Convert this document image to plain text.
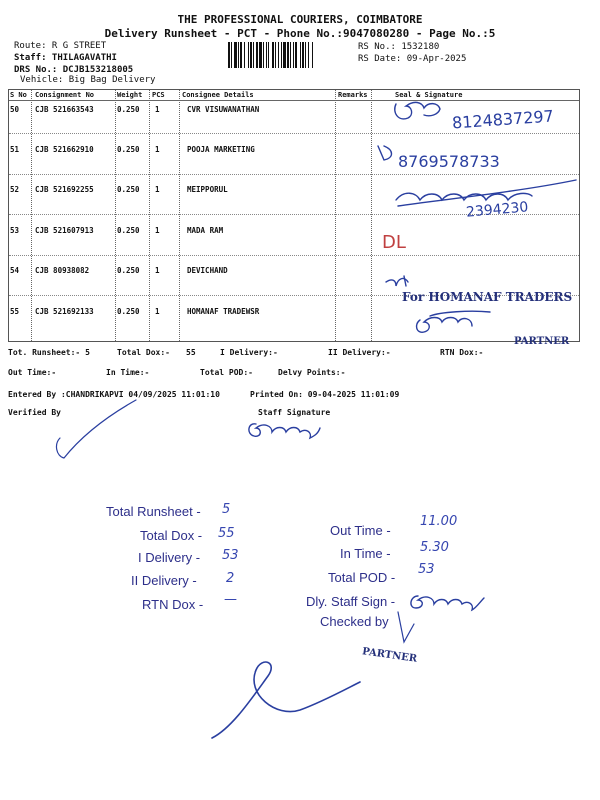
THE PROFESSIONAL COURIERS, COIMBATORE
Delivery Runsheet - PCT - Phone No.:9047080280 - Page No.:5
Route: R G STREET
Staff: THILAGAVATHI
DRS No.: DCJB153218005
Vehicle: Big Bag Delivery
RS No.: 1532180
RS Date: 09-Apr-2025
S No Consignment No	Weight PCS Consignee Details	Remarks	Seal & Signature
50 CJB 521663543	0.250 1	CVR VISUWANATHAN
51 CJB 521662910	0.250 1	POOJA MARKETING
52 CJB 521692255	0.250 1	MEIPPORUL
53 CJB 521607913	0.250 1	MADA RAM
54 CJB 80938082	0.250 1	DEVICHAND
55 CJB 521692133	0.250 1	HOMANAF TRADEWSR
8124837297
8769578733
2394230
DL
For HOMANAF TRADERS
PARTNER
Tot. Runsheet:- 5	Total Dox:- 55	I Delivery:-	II Delivery:-	RTN Dox:-
Out Time:-	In Time:-	Total POD:-	Delvy Points:-
Entered By :CHANDRIKAPVI 04/09/2025 11:01:10	Printed On: 09-04-2025 11:01:09
Verified By	Staff Signature
Total Runsheet - 5
Total Dox - 55
I Delivery - 53
II Delivery - 2
RTN Dox - —
Out Time -
11.00
In Time - 5.30
Total POD -
53
Dly. Staff Sign -
Checked by
PARTNER
